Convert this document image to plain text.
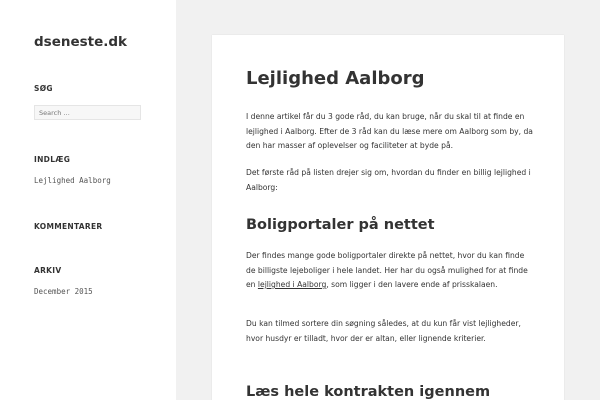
dseneste.dk
SØG
Search …
INDLÆG
Lejlighed Aalborg
KOMMENTARER
ARKIV
December 2015
Lejlighed Aalborg

I denne artikel får du 3 gode råd, du kan bruge, når du skal til at finde en lejlighed i Aalborg. Efter de 3 råd kan du læse mere om Aalborg som by, da den har masser af oplevelser og faciliteter at byde på.

Det første råd på listen drejer sig om, hvordan du finder en billig lejlighed i Aalborg:

Boligportaler på nettet

Der findes mange gode boligportaler direkte på nettet, hvor du kan finde de billigste lejeboliger i hele landet. Her har du også mulighed for at finde en lejlighed i Aalborg, som ligger i den lavere ende af prisskalaen.

Du kan tilmed sortere din søgning således, at du kun får vist lejligheder, hvor husdyr er tilladt, hvor der er altan, eller lignende kriterier.

Læs hele kontrakten igennem
